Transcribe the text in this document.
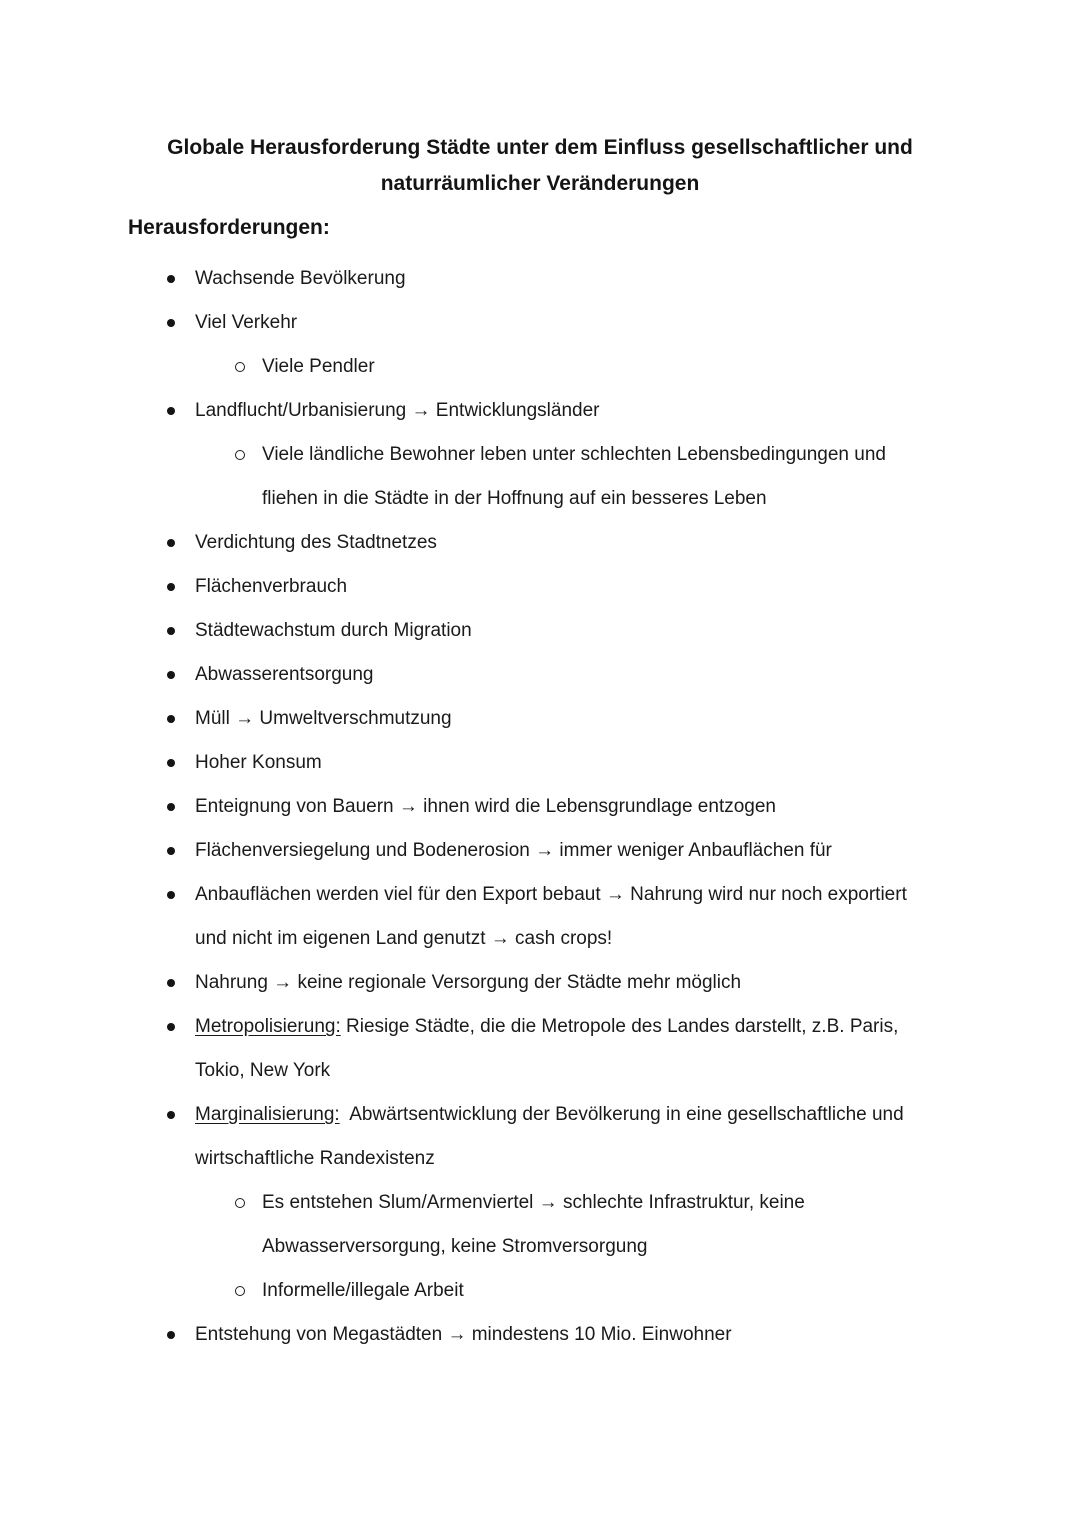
Globale Herausforderung Städte unter dem Einfluss gesellschaftlicher und
naturräumlicher Veränderungen
Herausforderungen:
Wachsende Bevölkerung
Viel Verkehr
Viele Pendler
Landflucht/Urbanisierung → Entwicklungsländer
Viele ländliche Bewohner leben unter schlechten Lebensbedingungen und fliehen in die Städte in der Hoffnung auf ein besseres Leben
Verdichtung des Stadtnetzes
Flächenverbrauch
Städtewachstum durch Migration
Abwasserentsorgung
Müll → Umweltverschmutzung
Hoher Konsum
Enteignung von Bauern → ihnen wird die Lebensgrundlage entzogen
Flächenversiegelung und Bodenerosion → immer weniger Anbauflächen für
Anbauflächen werden viel für den Export bebaut → Nahrung wird nur noch exportiert und nicht im eigenen Land genutzt → cash crops!
Nahrung → keine regionale Versorgung der Städte mehr möglich
Metropolisierung: Riesige Städte, die die Metropole des Landes darstellt, z.B. Paris, Tokio, New York
Marginalisierung:  Abwärtsentwicklung der Bevölkerung in eine gesellschaftliche und wirtschaftliche Randexistenz
Es entstehen Slum/Armenviertel → schlechte Infrastruktur, keine Abwasserversorgung, keine Stromversorgung
Informelle/illegale Arbeit
Entstehung von Megastädten → mindestens 10 Mio. Einwohner
